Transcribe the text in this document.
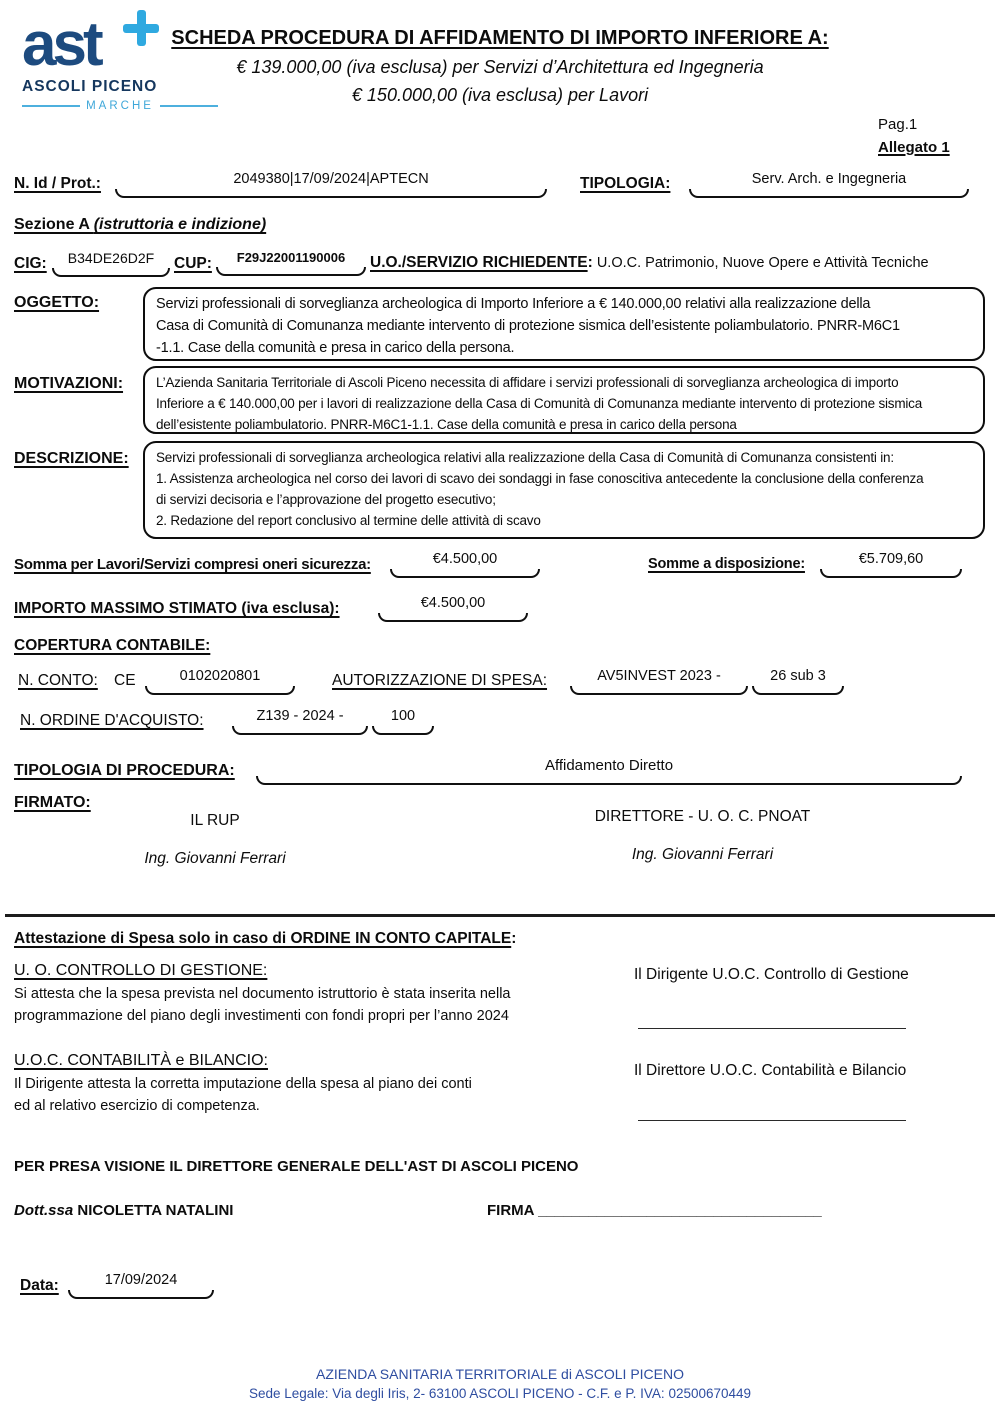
ast
ASCOLI PICENO
MARCHE
SCHEDA PROCEDURA DI AFFIDAMENTO DI IMPORTO INFERIORE A:
€ 139.000,00 (iva esclusa) per Servizi d’Architettura ed Ingegneria
€ 150.000,00 (iva esclusa) per Lavori
Pag.1
Allegato 1
N. Id / Prot.:	2049380|17/09/2024|APTECN	TIPOLOGIA:	Serv. Arch. e Ingegneria
Sezione A (istruttoria e indizione)
CIG:	B34DE26D2F	CUP:	F29J22001190006	U.O./SERVIZIO RICHIEDENTE: U.O.C. Patrimonio, Nuove Opere e Attività Tecniche
OGGETTO:	Servizi professionali di sorveglianza archeologica di Importo Inferiore a € 140.000,00 relativi alla realizzazione della
Casa di Comunità di Comunanza mediante intervento di protezione sismica dell’esistente poliambulatorio. PNRR-M6C1
-1.1. Case della comunità e presa in carico della persona.
MOTIVAZIONI: L’Azienda Sanitaria Territoriale di Ascoli Piceno necessita di affidare i servizi professionali di sorveglianza archeologica di importo
Inferiore a € 140.000,00 per i lavori di realizzazione della Casa di Comunità di Comunanza mediante intervento di protezione sismica
dell’esistente poliambulatorio. PNRR-M6C1-1.1. Case della comunità e presa in carico della persona
DESCRIZIONE: Servizi professionali di sorveglianza archeologica relativi alla realizzazione della Casa di Comunità di Comunanza consistenti in:
1. Assistenza archeologica nel corso dei lavori di scavo dei sondaggi in fase conoscitiva antecedente la conclusione della conferenza
di servizi decisoria e l’approvazione del progetto esecutivo;
2. Redazione del report conclusivo al termine delle attività di scavo
Somma per Lavori/Servizi compresi oneri sicurezza:	€4.500,00	Somme a disposizione:	€5.709,60
IMPORTO MASSIMO STIMATO (iva esclusa):	€4.500,00
COPERTURA CONTABILE:
N. CONTO: CE	0102020801	AUTORIZZAZIONE DI SPESA:	AV5INVEST 2023 -	26 sub 3
N. ORDINE D'ACQUISTO:	Z139 - 2024 -	100
TIPOLOGIA DI PROCEDURA:	Affidamento Diretto
FIRMATO:
IL RUP	DIRETTORE - U. O. C. PNOAT
Ing. Giovanni Ferrari	Ing. Giovanni Ferrari
Attestazione di Spesa solo in caso di ORDINE IN CONTO CAPITALE:
U. O. CONTROLLO DI GESTIONE:
Si attesta che la spesa prevista nel documento istruttorio è stata inserita nella
programmazione del piano degli investimenti con fondi propri per l’anno 2024
Il Dirigente U.O.C. Controllo di Gestione
U.O.C. CONTABILITÀ e BILANCIO:
Il Dirigente attesta la corretta imputazione della spesa al piano dei conti
ed al relativo esercizio di competenza.
Il Direttore U.O.C. Contabilità e Bilancio
PER PRESA VISIONE IL DIRETTORE GENERALE DELL'AST DI ASCOLI PICENO
Dott.ssa NICOLETTA NATALINI	FIRMA __________________________________
Data:	17/09/2024
AZIENDA SANITARIA TERRITORIALE di ASCOLI PICENO
Sede Legale: Via degli Iris, 2- 63100 ASCOLI PICENO - C.F. e P. IVA: 02500670449
